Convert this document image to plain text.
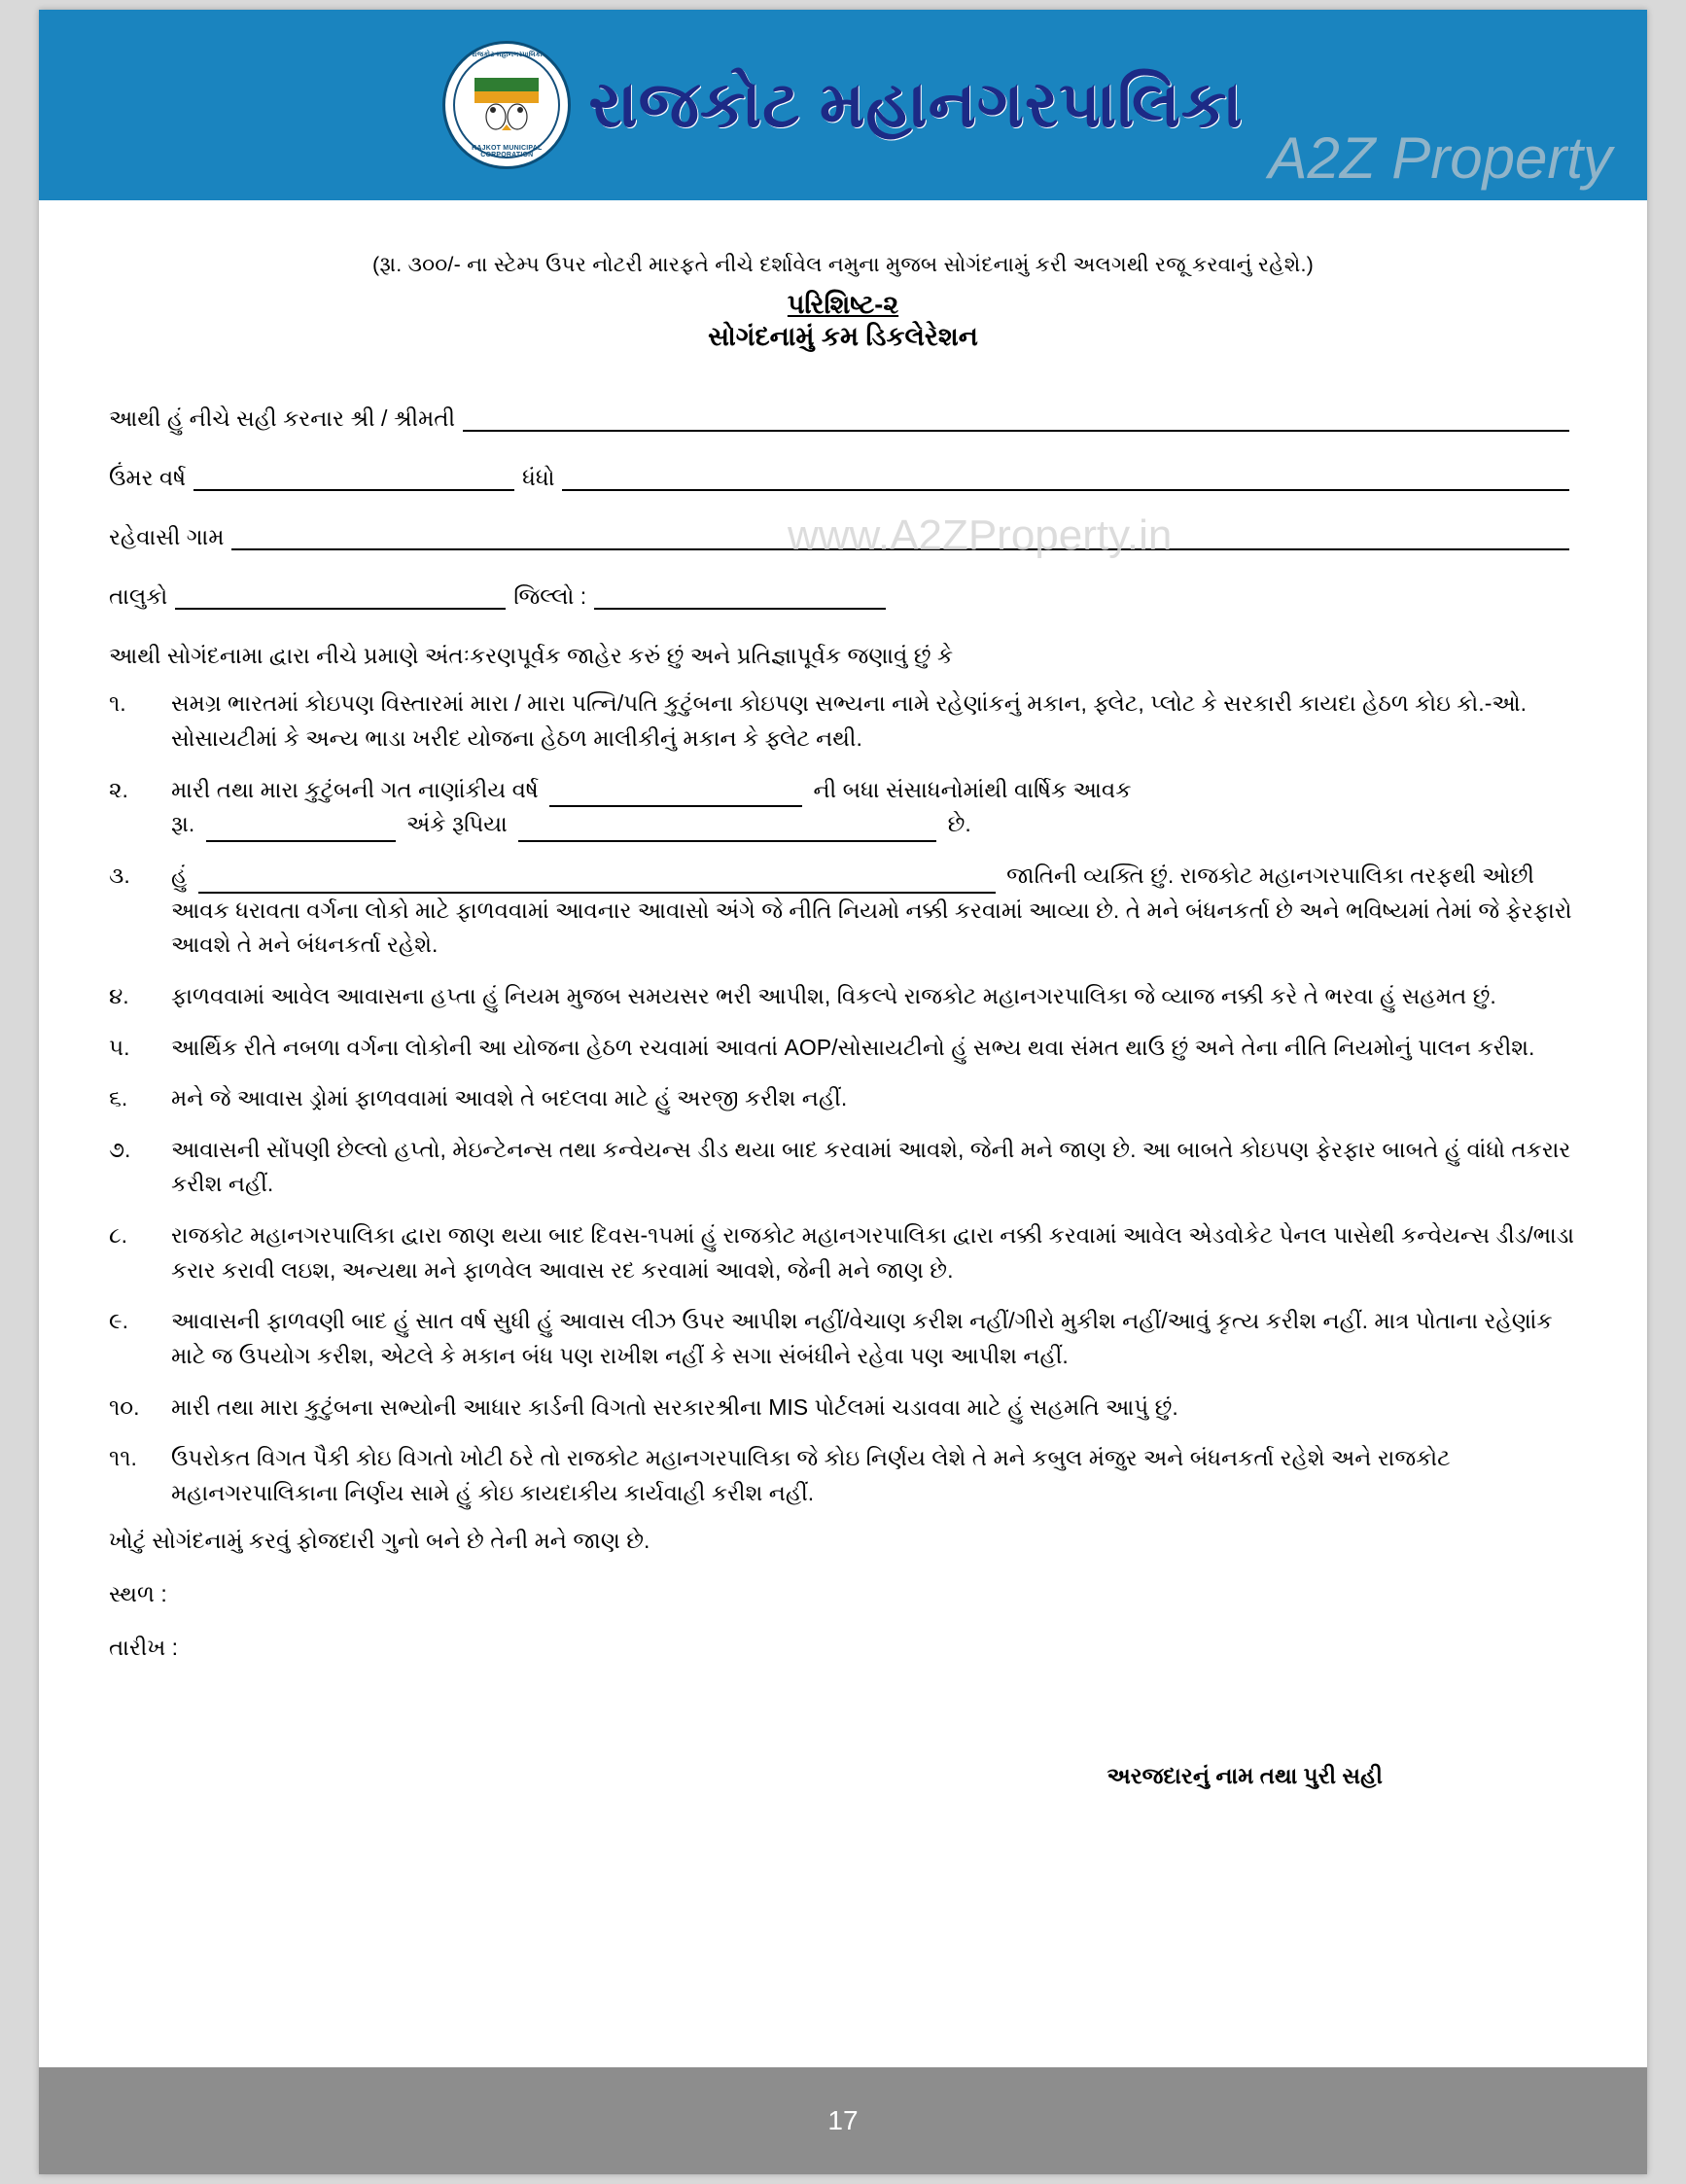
રાજકોટ મહાનગરપાલિકા
RAJKOT MUNICIPAL CORPORATION
રાજકોટ મહાનગરપાલિકા
A2Z Property
www.A2ZProperty.in
(રૂા. ૩૦૦/- ના સ્ટેમ્પ ઉપર નોટરી મારફતે નીચે દર્શાવેલ નમુના મુજબ સોગંદનામું કરી અલગથી રજૂ કરવાનું રહેશે.)
પરિશિષ્ટ-૨
સોગંદનામું કમ ડિકલેરેશન
આથી હું નીચે સહી કરનાર શ્રી / શ્રીમતી
ઉંમર વર્ષ	ધંધો
રહેવાસી ગામ
તાલુકો	જિલ્લો :
આથી સોગંદનામા દ્વારા નીચે પ્રમાણે અંતઃકરણપૂર્વક જાહેર કરું છું અને પ્રતિજ્ઞાપૂર્વક જણાવું છું કે
૧.	સમગ્ર ભારતમાં કોઇપણ વિસ્તારમાં મારા / મારા પત્નિ/પતિ કુટુંબના કોઇપણ સભ્યના નામે રહેણાંકનું મકાન, ફ્લેટ, પ્લોટ કે સરકારી કાયદા હેઠળ કોઇ કો.-ઓ. સોસાયટીમાં કે અન્ય ભાડા ખરીદ યોજના હેઠળ માલીકીનું મકાન કે ફ્લેટ નથી.
૨.	મારી તથા મારા કુટુંબની ગત નાણાંકીય વર્ષ	ની બધા સંસાધનોમાંથી વાર્ષિક આવક
રૂા.	અંકે રૂપિયા	છે.
૩.	હું	જાતિની વ્યક્તિ છું. રાજકોટ મહાનગરપાલિકા તરફથી ઓછી આવક ધરાવતા વર્ગના લોકો માટે ફાળવવામાં આવનાર આવાસો અંગે જે નીતિ નિયમો નક્કી કરવામાં આવ્યા છે. તે મને બંધનકર્તા છે અને ભવિષ્યમાં તેમાં જે ફેરફારો આવશે તે મને બંધનકર્તા રહેશે.
૪.	ફાળવવામાં આવેલ આવાસના હપ્તા હું નિયમ મુજબ સમયસર ભરી આપીશ, વિકલ્પે રાજકોટ મહાનગરપાલિકા જે વ્યાજ નક્કી કરે તે ભરવા હું સહમત છું.
૫.	આર્થિક રીતે નબળા વર્ગના લોકોની આ યોજના હેઠળ રચવામાં આવતાં AOP/સોસાયટીનો હું સભ્ય થવા સંમત થાઉ છું અને તેના નીતિ નિયમોનું પાલન કરીશ.
૬.	મને જે આવાસ ડ્રોમાં ફાળવવામાં આવશે તે બદલવા માટે હું અરજી કરીશ નહીં.
૭.	આવાસની સોંપણી છેલ્લો હપ્તો, મેઇન્ટેનન્સ તથા કન્વેયન્સ ડીડ થયા બાદ કરવામાં આવશે, જેની મને જાણ છે. આ બાબતે કોઇપણ ફેરફાર બાબતે હું વાંધો તકરાર કરીશ નહીં.
૮.	રાજકોટ મહાનગરપાલિકા દ્વારા જાણ થયા બાદ દિવસ-૧૫માં હું રાજકોટ મહાનગરપાલિકા દ્વારા નક્કી કરવામાં આવેલ એડવોકેટ પેનલ પાસેથી કન્વેયન્સ ડીડ/ભાડા કરાર કરાવી લઇશ, અન્યથા મને ફાળવેલ આવાસ રદ કરવામાં આવશે, જેની મને જાણ છે.
૯.	આવાસની ફાળવણી બાદ હું સાત વર્ષ સુધી હું આવાસ લીઝ ઉપર આપીશ નહીં/વેચાણ કરીશ નહીં/ગીરો મુકીશ નહીં/આવું કૃત્ય કરીશ નહીં. માત્ર પોતાના રહેણાંક માટે જ ઉપયોગ કરીશ, એટલે કે મકાન બંધ પણ રાખીશ નહીં કે સગા સંબંધીને રહેવા પણ આપીશ નહીં.
૧૦.	મારી તથા મારા કુટુંબના સભ્યોની આધાર કાર્ડની વિગતો સરકારશ્રીના MIS પોર્ટલમાં ચડાવવા માટે હું સહમતિ આપું છું.
૧૧.	ઉપરોકત વિગત પૈકી કોઇ વિગતો ખોટી ઠરે તો રાજકોટ મહાનગરપાલિકા જે કોઇ નિર્ણય લેશે તે મને કબુલ મંજુર અને બંધનકર્તા રહેશે અને રાજકોટ મહાનગરપાલિકાના નિર્ણય સામે હું કોઇ કાયદાકીય કાર્યવાહી કરીશ નહીં.
ખોટું સોગંદનામું કરવું ફોજદારી ગુનો બને છે તેની મને જાણ છે.
સ્થળ :
તારીખ :
અરજદારનું નામ તથા પુરી સહી
17
